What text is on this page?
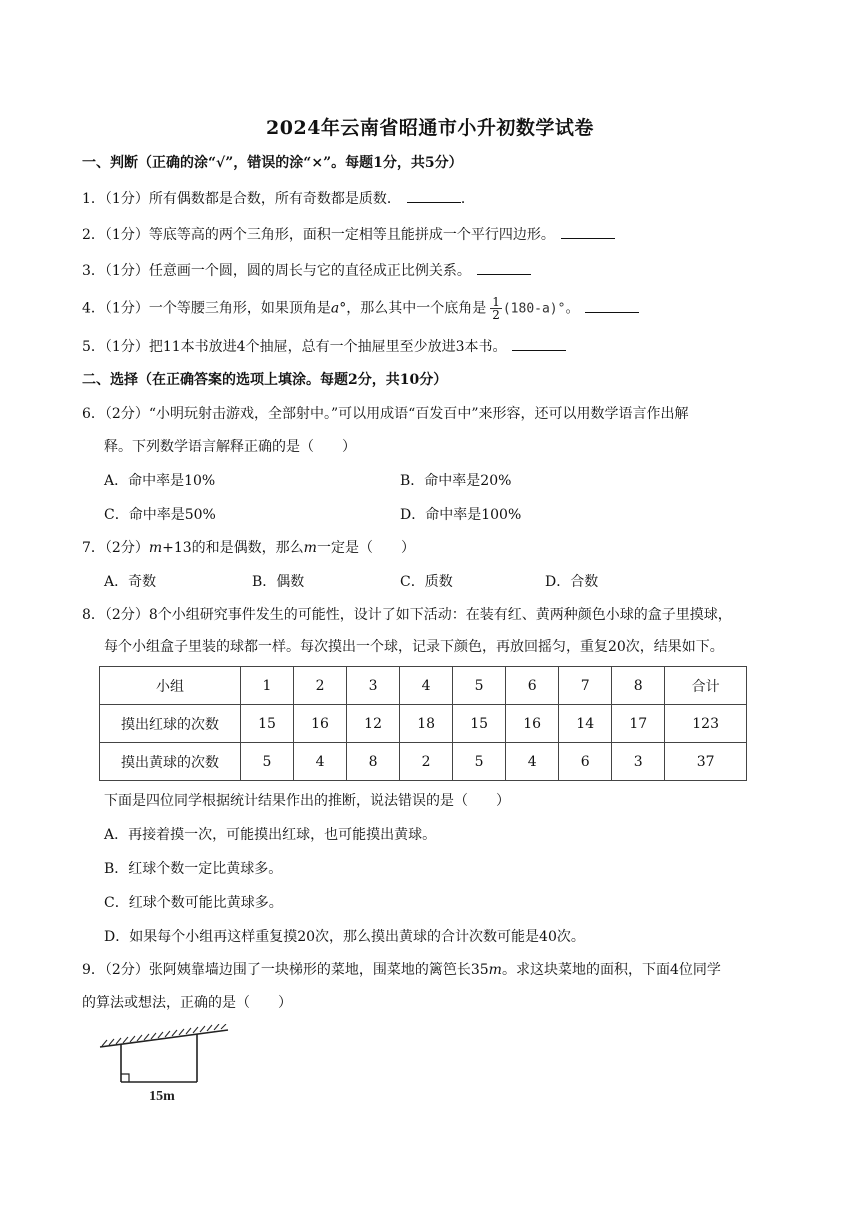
2024年云南省昭通市小升初数学试卷
一、判断（正确的涂“√”，错误的涂“×”。每题1分，共5分）
1．（1分）所有偶数都是合数，所有奇数都是质数．	．
2．（1分）等底等高的两个三角形，面积一定相等且能拼成一个平行四边形。
3．（1分）任意画一个圆，圆的周长与它的直径成正比例关系。
4．（1分）一个等腰三角形，如果顶角是a°，那么其中一个底角是 $\frac{1}{2} (180-a)^\circ$。
5．（1分）把11本书放进4个抽屉，总有一个抽屉里至少放进3本书。
二、选择（在正确答案的选项上填涂。每题2分，共10分）
6．（2分）“小明玩射击游戏，全部射中。”可以用成语“百发百中”来形容，还可以用数学语言作出解
释。下列数学语言解释正确的是（　　）
A．命中率是10%	B．命中率是20%
C．命中率是50%	D．命中率是100%
7．（2分）m+13的和是偶数，那么m一定是（　　）
A．奇数	B．偶数	C．质数	D．合数
8．（2分）8个小组研究事件发生的可能性，设计了如下活动：在装有红、黄两种颜色小球的盒子里摸球，
每个小组盒子里装的球都一样。每次摸出一个球，记录下颜色，再放回摇匀，重复20次，结果如下。
小组	1	2	3	4	5	6	7	8	合计
摸出红球的次数	15	16	12	18	15	16	14	17	123
摸出黄球的次数	5	4	8	2	5	4	6	3	37
下面是四位同学根据统计结果作出的推断，说法错误的是（　　）
A．再接着摸一次，可能摸出红球，也可能摸出黄球。
B．红球个数一定比黄球多。
C．红球个数可能比黄球多。
D．如果每个小组再这样重复摸20次，那么摸出黄球的合计次数可能是40次。
9．（2分）张阿姨靠墙边围了一块梯形的菜地，围菜地的篱笆长35m。求这块菜地的面积，下面4位同学
的算法或想法，正确的是（　　）
15m
